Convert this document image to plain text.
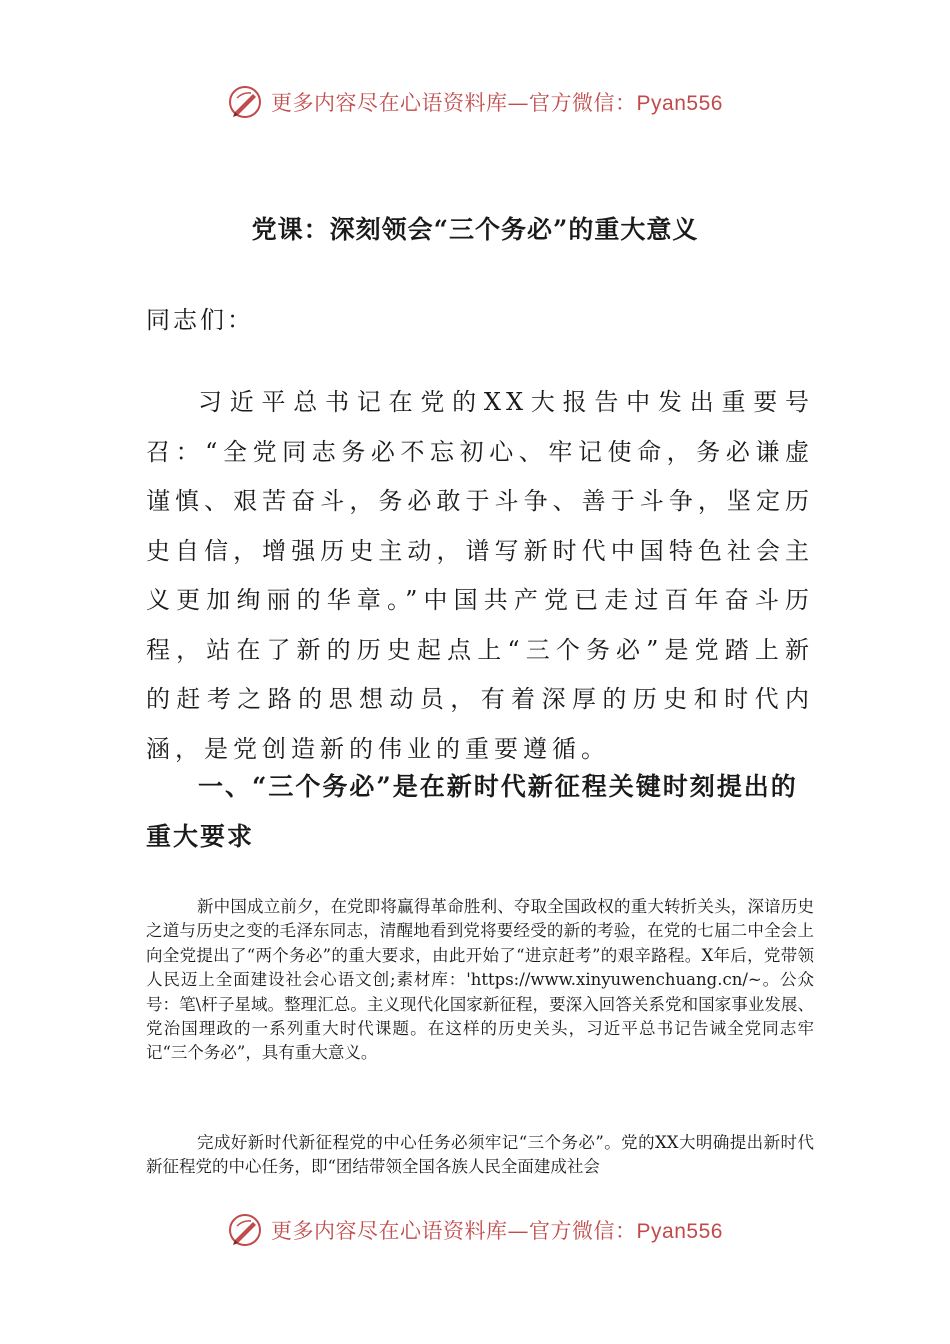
更多内容尽在心语资料库—官方微信：Pyan556
党课：深刻领会“三个务必”的重大意义
同志们：

习近平总书记在党的XX大报告中发出重要号召：“全党同志务必不忘初心、牢记使命，务必谦虚谨慎、艰苦奋斗，务必敢于斗争、善于斗争，坚定历史自信，增强历史主动，谱写新时代中国特色社会主义更加绚丽的华章。”中国共产党已走过百年奋斗历程，站在了新的历史起点上“三个务必”是党踏上新的赶考之路的思想动员，有着深厚的历史和时代内涵，是党创造新的伟业的重要遵循。

一、“三个务必”是在新时代新征程关键时刻提出的重大要求

新中国成立前夕，在党即将赢得革命胜利、夺取全国政权的重大转折关头，深谙历史之道与历史之变的毛泽东同志，清醒地看到党将要经受的新的考验，在党的七届二中全会上向全党提出了“两个务必”的重大要求，由此开始了“进京赶考”的艰辛路程。X年后，党带领人民迈上全面建设社会心语文创;素材库：'https://www.xinyuwenchuang.cn/~。公众号：笔\杆子星域。整理汇总。主义现代化国家新征程，要深入回答关系党和国家事业发展、党治国理政的一系列重大时代课题。在这样的历史关头，习近平总书记告诫全党同志牢记“三个务必”，具有重大意义。

完成好新时代新征程党的中心任务必须牢记“三个务必”。党的XX大明确提出新时代新征程党的中心任务，即“团结带领全国各族人民全面建成社会

更多内容尽在心语资料库—官方微信：Pyan556
